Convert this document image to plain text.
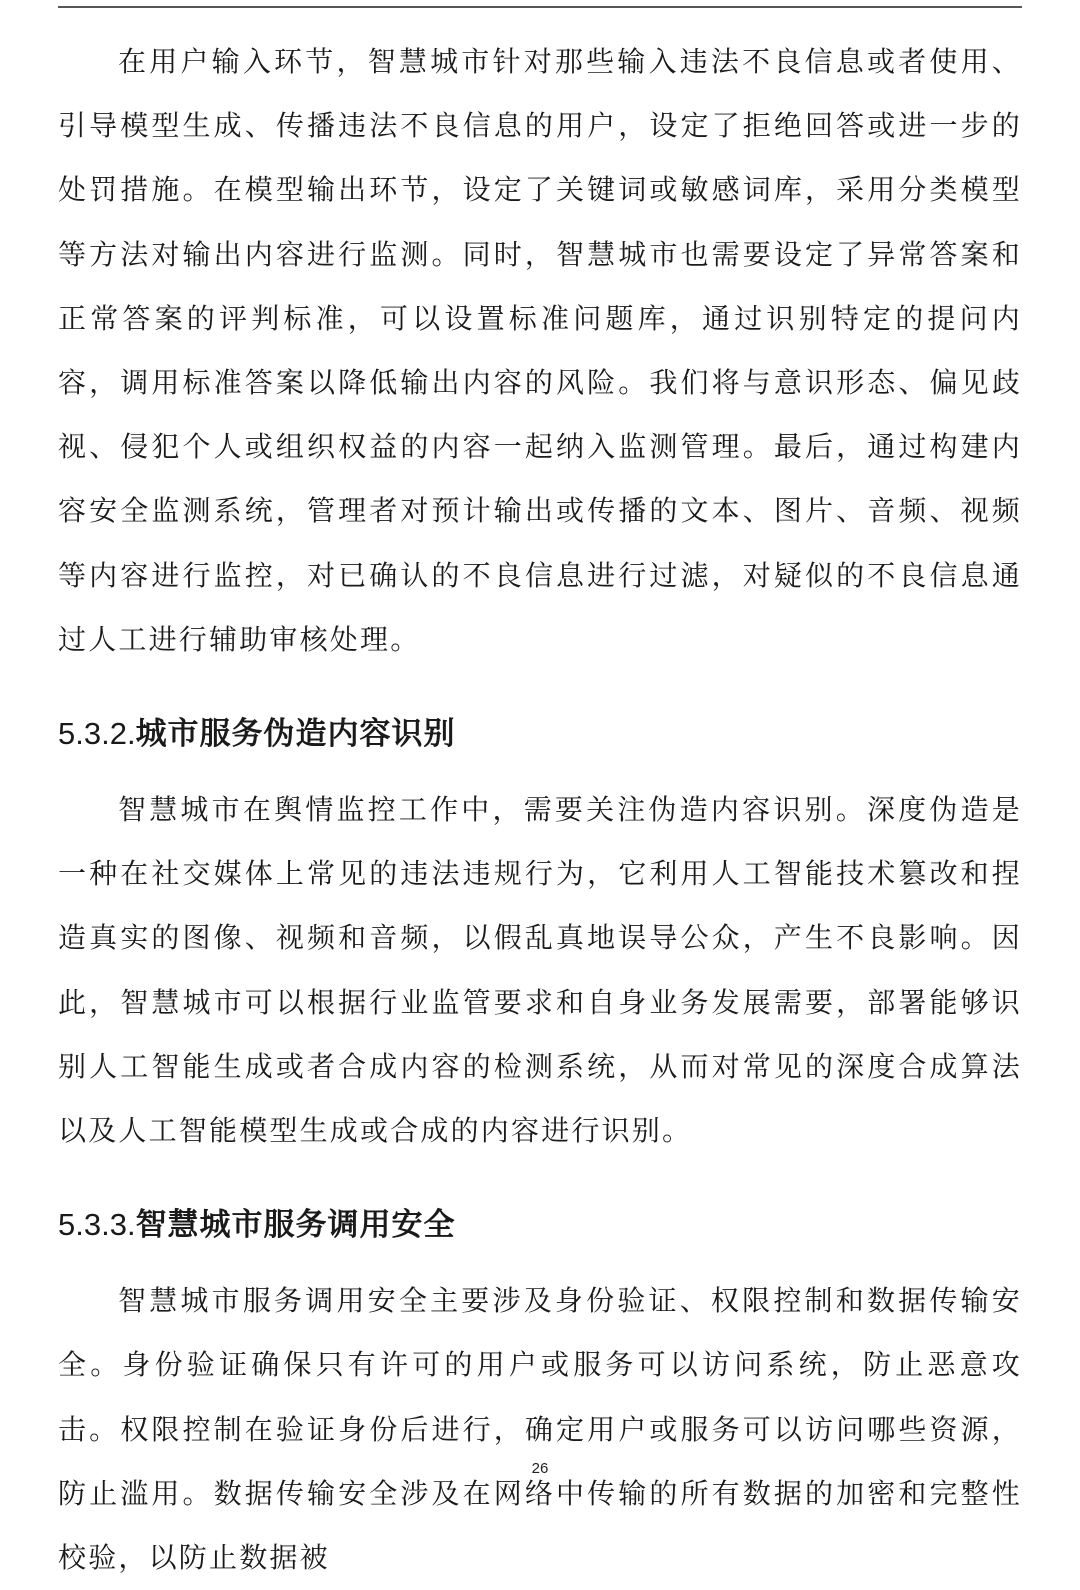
在用户输入环节，智慧城市针对那些输入违法不良信息或者使用、引导模型生成、传播违法不良信息的用户，设定了拒绝回答或进一步的处罚措施。在模型输出环节，设定了关键词或敏感词库，采用分类模型等方法对输出内容进行监测。同时，智慧城市也需要设定了异常答案和正常答案的评判标准，可以设置标准问题库，通过识别特定的提问内容，调用标准答案以降低输出内容的风险。我们将与意识形态、偏见歧视、侵犯个人或组织权益的内容一起纳入监测管理。最后，通过构建内容安全监测系统，管理者对预计输出或传播的文本、图片、音频、视频等内容进行监控，对已确认的不良信息进行过滤，对疑似的不良信息通过人工进行辅助审核处理。

5.3.2.城市服务伪造内容识别

智慧城市在舆情监控工作中，需要关注伪造内容识别。深度伪造是一种在社交媒体上常见的违法违规行为，它利用人工智能技术篡改和捏造真实的图像、视频和音频，以假乱真地误导公众，产生不良影响。因此，智慧城市可以根据行业监管要求和自身业务发展需要，部署能够识别人工智能生成或者合成内容的检测系统，从而对常见的深度合成算法以及人工智能模型生成或合成的内容进行识别。

5.3.3.智慧城市服务调用安全

智慧城市服务调用安全主要涉及身份验证、权限控制和数据传输安全。身份验证确保只有许可的用户或服务可以访问系统，防止恶意攻击。权限控制在验证身份后进行，确定用户或服务可以访问哪些资源，防止滥用。数据传输安全涉及在网络中传输的所有数据的加密和完整性校验，以防止数据被

26
